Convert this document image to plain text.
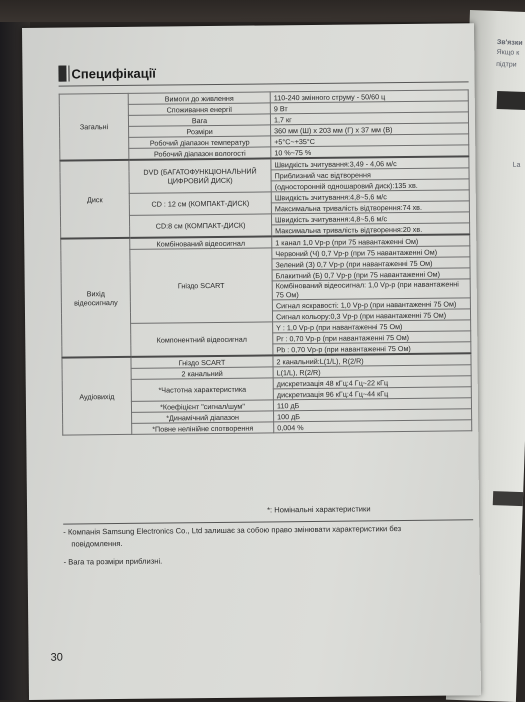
Зв'язки
Якщо к
підтри
La
Специфікації
Загальні	Вимоги до живлення	110-240 змінного струму - 50/60 ц
	Споживання енергії	9 Вт
	Вага	1,7 кг
	Розміри	360 мм (Ш) x 203 мм (Г) x 37 мм (В)
	Робочий діапазон температур	+5°C~+35°C
	Робочий діапазон вологості	10 %~75 %
Диск	DVD (БАГАТОФУНКЦІОНАЛЬНИЙ ЦИФРОВИЙ ДИСК)	Швидкість зчитування:3,49 - 4,06 м/с
		Приблизний час відтворення
		(односторонній одношаровий диск):135 хв.
	CD : 12 см (КОМПАКТ-ДИСК)	Швидкість зчитування:4,8~5,6 м/с
		Максимальна тривалість відтворення:74 хв.
	CD:8 см (КОМПАКТ-ДИСК)	Швидкість зчитування:4,8~5,6 м/с
		Максимальна тривалість відтворення:20 хв.
Вихід відеосигналу	Комбінований відеосигнал	1 канал 1,0 Vp-p (при 75 навантаженні Ом)
	Гніздо SCART	Червоний (Ч) 0,7 Vp-p (при 75 навантаженні Ом)
		Зелений (З) 0,7 Vp-p (при навантаженні 75 Ом)
		Блакитний (Б) 0,7 Vp-p (при 75 навантаженні Ом)
		Комбінований відеосигнал: 1,0 Vp-p (при навантаженні 75 Ом)
		Сигнал яскравості: 1,0 Vp-p (при навантаженні 75 Ом)
		Сигнал кольору:0,3 Vp-p (при навантаженні 75 Ом)
	Компонентний відеосигнал	Y : 1,0 Vp-p (при навантаженні 75 Ом)
		Pr : 0,70 Vp-p (при навантаженні 75 Ом)
		Pb : 0,70 Vp-p (при навантаженні 75 Ом)
Аудіовихід	Гніздо SCART	2 канальний:L(1/L), R(2/R)
	2 канальний	L(1/L), R(2/R)
	*Частотна характеристика	дискретизація 48 кГц:4 Гц~22 кГц
		дискретизація 96 кГц:4 Гц~44 кГц
	*Коефіцієнт "сигнал/шум"	110 дБ
	*Динамічний діапазон	100 дБ
	*Повне нелінійне спотворення	0,004 %
*: Номінальні характеристики
- Компанія Samsung Electronics Co., Ltd залишає за собою право змінювати характеристики без
повідомлення.
- Вага та розміри приблизні.
30
